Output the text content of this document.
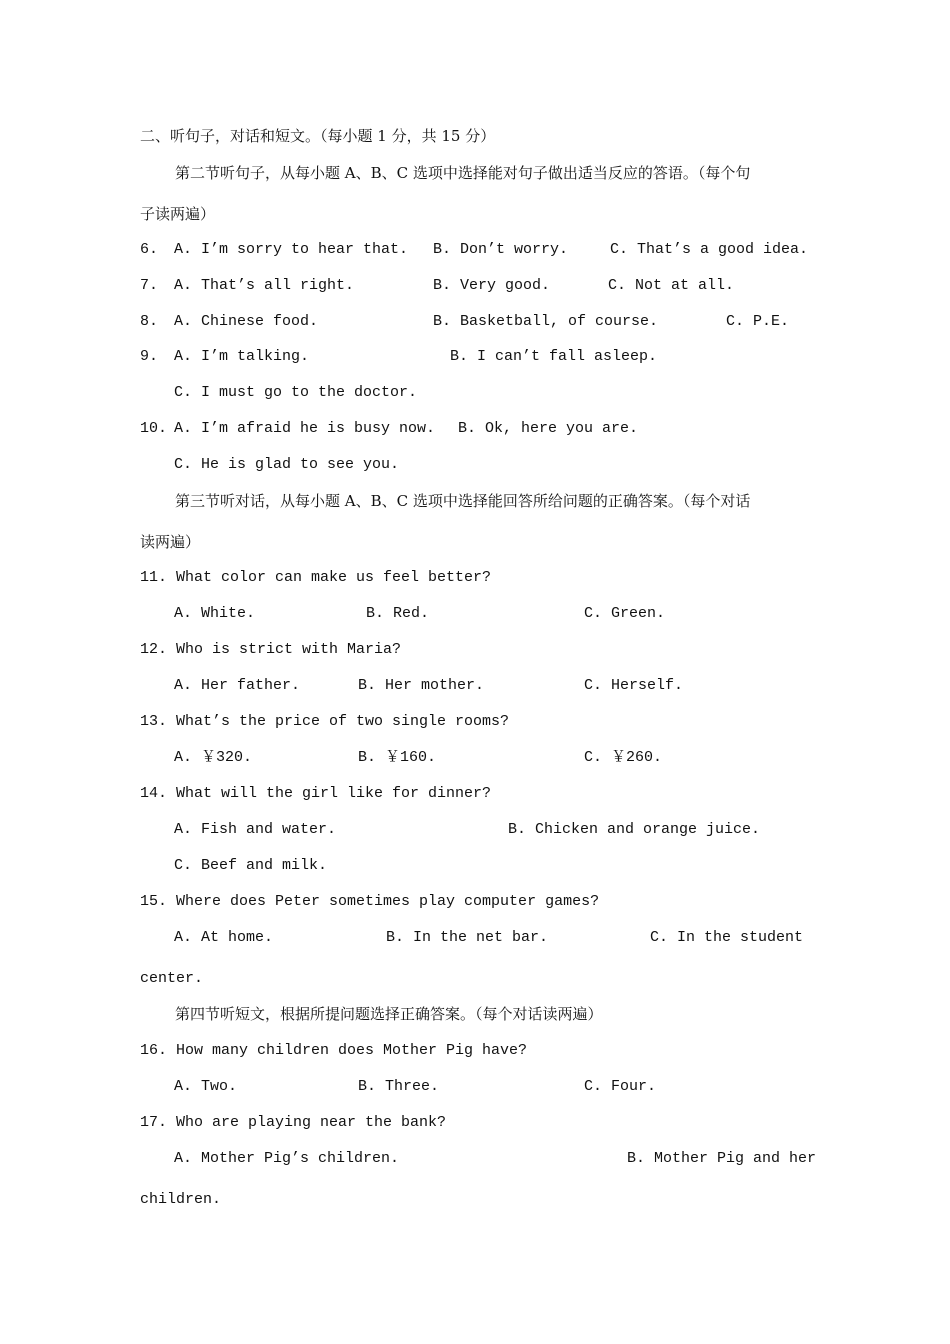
二、听句子，对话和短文。（每小题 1 分，共 15 分）
第二节听句子，从每小题 A、B、C 选项中选择能对句子做出适当反应的答语。（每个句
子读两遍）
6. A. I’m sorry to hear that. B. Don’t worry.	C. That’s a good idea.
7. A. That’s all right.	B. Very good.	C. Not at all.
8. A. Chinese food.	B. Basketball, of course.	C. P.E.
9. A. I’m talking.	B. I can’t fall asleep.
C. I must go to the doctor.
10. A. I’m afraid he is busy now. B. Ok, here you are.
C. He is glad to see you.
第三节听对话，从每小题 A、B、C 选项中选择能回答所给问题的正确答案。（每个对话
读两遍）
11. What color can make us feel better?
A. White.	B. Red.	C. Green.
12. Who is strict with Maria?
A. Her father.	B. Her mother.	C. Herself.
13. What’s the price of two single rooms?
A. ￥320.	B. ￥160.	C. ￥260.
14. What will the girl like for dinner?
A. Fish and water.	B. Chicken and orange juice.
C. Beef and milk.
15. Where does Peter sometimes play computer games?
A. At home.	B. In the net bar.	C. In the student
center.
第四节听短文，根据所提问题选择正确答案。（每个对话读两遍）
16. How many children does Mother Pig have?
A. Two.	B. Three.	C. Four.
17. Who are playing near the bank?
A. Mother Pig’s children.	B. Mother Pig and her
children.
